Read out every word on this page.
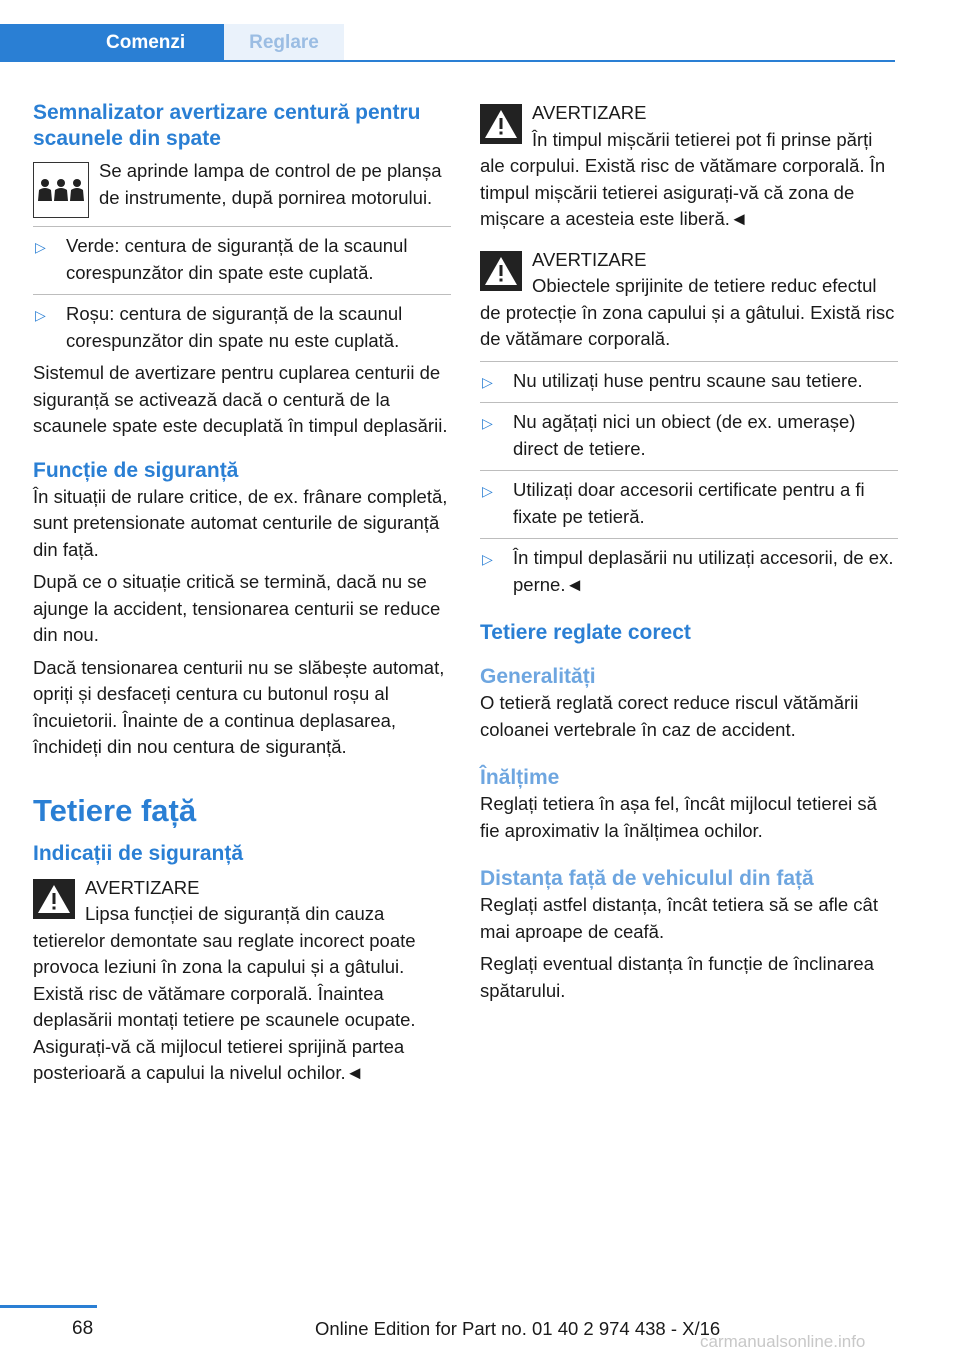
Comenzi	Reglare
Semnalizator avertizare centură pentru scaunele din spate

Se aprinde lampa de control de pe planșa de instrumente, după pornirea motorului.

▷ Verde: centura de siguranță de la scaunul corespunzător din spate este cuplată.
▷ Roșu: centura de siguranță de la scaunul corespunzător din spate nu este cuplată.

Sistemul de avertizare pentru cuplarea centurii de siguranță se activează dacă o centură de la scaunele spate este decuplată în timpul deplasării.

Funcție de siguranță

În situații de rulare critice, de ex. frânare completă, sunt pretensionate automat centurile de siguranță din față.

După ce o situație critică se termină, dacă nu se ajunge la accident, tensionarea centurii se reduce din nou.

Dacă tensionarea centurii nu se slăbește automat, opriți și desfaceți centura cu butonul roșu al încuietorii. Înainte de a continua deplasarea, închideți din nou centura de siguranță.

Tetiere față
Indicații de siguranță

AVERTIZARE

Lipsa funcției de siguranță din cauza tetierelor demontate sau reglate incorect poate provoca leziuni în zona la capului și a gâtului. Există risc de vătămare corporală. Înaintea deplasării montați tetiere pe scaunele ocupate. Asigurați-vă că mijlocul tetierei sprijină partea posterioară a capului la nivelul ochilor.◄

AVERTIZARE

În timpul mișcării tetierei pot fi prinse părți ale corpului. Există risc de vătămare corporală. În timpul mișcării tetierei asigurați-vă că zona de mișcare a acesteia este liberă.◄

AVERTIZARE

Obiectele sprijinite de tetiere reduc efectul de protecție în zona capului și a gâtului. Există risc de vătămare corporală.

▷ Nu utilizați huse pentru scaune sau tetiere.
▷ Nu agățați nici un obiect (de ex. umerașe) direct de tetiere.
▷ Utilizați doar accesorii certificate pentru a fi fixate pe tetieră.
▷ În timpul deplasării nu utilizați accesorii, de ex. perne.◄
Tetiere reglate corect
Generalități

O tetieră reglată corect reduce riscul vătămării coloanei vertebrale în caz de accident.

Înălțime

Reglați tetiera în așa fel, încât mijlocul tetierei să fie aproximativ la înălțimea ochilor.

Distanța față de vehiculul din față

Reglați astfel distanța, încât tetiera să se afle cât mai aproape de ceafă.

Reglați eventual distanța în funcție de înclinarea spătarului.

68	Online Edition for Part no. 01 40 2 974 438 - X/16
carmanualsonline.info
